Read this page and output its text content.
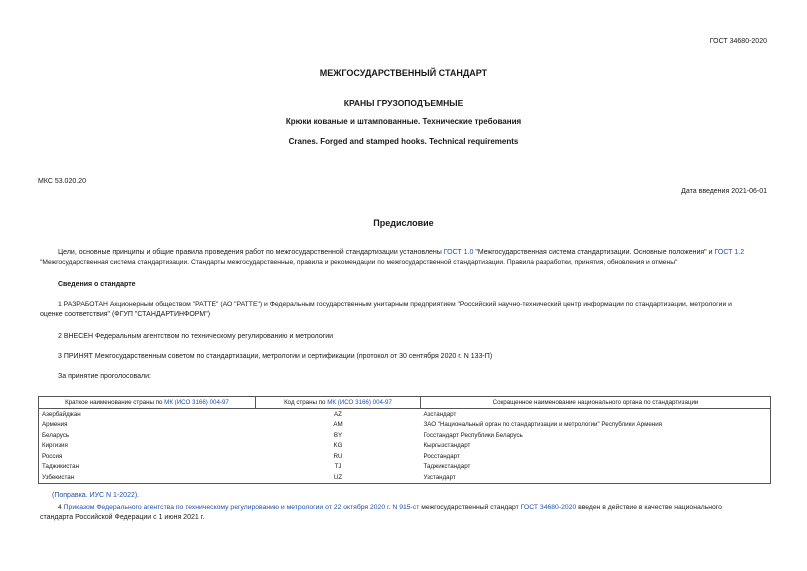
ГОСТ 34680-2020
МЕЖГОСУДАРСТВЕННЫЙ СТАНДАРТ
КРАНЫ ГРУЗОПОДЪЕМНЫЕ
Крюки кованые и штампованные. Технические требования
Cranes. Forged and stamped hooks. Technical requirements
МКС 53.020.20
Дата введения 2021-06-01
Предисловие
Цели, основные принципы и общие правила проведения работ по межгосударственной стандартизации установлены ГОСТ 1.0 "Межгосударственная система стандартизации. Основные положения" и ГОСТ 1.2
"Межгосударственная система стандартизации. Стандарты межгосударственные, правила и рекомендации по межгосударственной стандартизации. Правила разработки, принятия, обновления и отмены"
Сведения о стандарте
1 РАЗРАБОТАН Акционерным обществом "РАТТЕ" (АО "РАТТЕ") и Федеральным государственным унитарным предприятием "Российский научно-технический центр информации по стандартизации, метрологии и
оценке соответствия" (ФГУП "СТАНДАРТИНФОРМ")
2 ВНЕСЕН Федеральным агентством по техническому регулированию и метрологии
3 ПРИНЯТ Межгосударственным советом по стандартизации, метрологии и сертификации (протокол от 30 сентября 2020 г. N 133-П)
За принятие проголосовали:
Краткое наименование страны по МК (ИСО 3166) 004-97	Код страны по МК (ИСО 3166) 004-97	Сокращенное наименование национального органа по стандартизации
Азербайджан	AZ	Азстандарт
Армения	AM	ЗАО "Национальный орган по стандартизации и метрологии" Республики Армения
Беларусь	BY	Госстандарт Республики Беларусь
Киргизия	KG	Кыргызстандарт
Россия	RU	Росстандарт
Таджикистан	TJ	Таджикстандарт
Узбекистан	UZ	Узстандарт
(Поправка. ИУС N 1-2022).
4 Приказом Федерального агентства по техническому регулированию и метрологии от 22 октября 2020 г. N 915-ст межгосударственный стандарт ГОСТ 34680-2020 введен в действие в качестве национального
стандарта Российской Федерации с 1 июня 2021 г.
